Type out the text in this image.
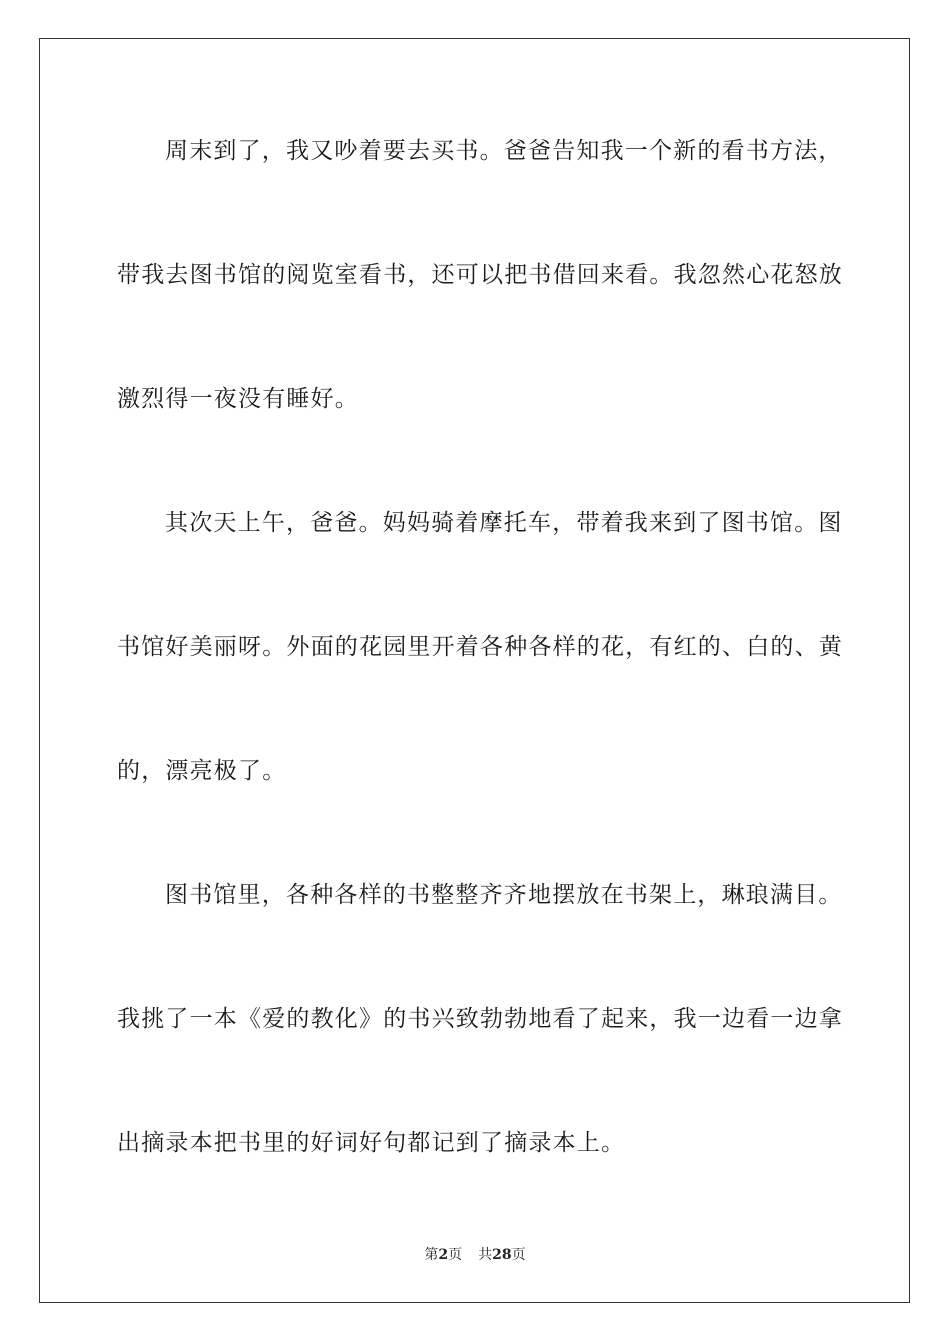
周末到了，我又吵着要去买书。爸爸告知我一个新的看书方法，
带我去图书馆的阅览室看书，还可以把书借回来看。我忽然心花怒放
激烈得一夜没有睡好。
其次天上午，爸爸。妈妈骑着摩托车，带着我来到了图书馆。图
书馆好美丽呀。外面的花园里开着各种各样的花，有红的、白的、黄
的，漂亮极了。
图书馆里，各种各样的书整整齐齐地摆放在书架上，琳琅满目。
我挑了一本《爱的教化》的书兴致勃勃地看了起来，我一边看一边拿
出摘录本把书里的好词好句都记到了摘录本上。
第2页 共28页
